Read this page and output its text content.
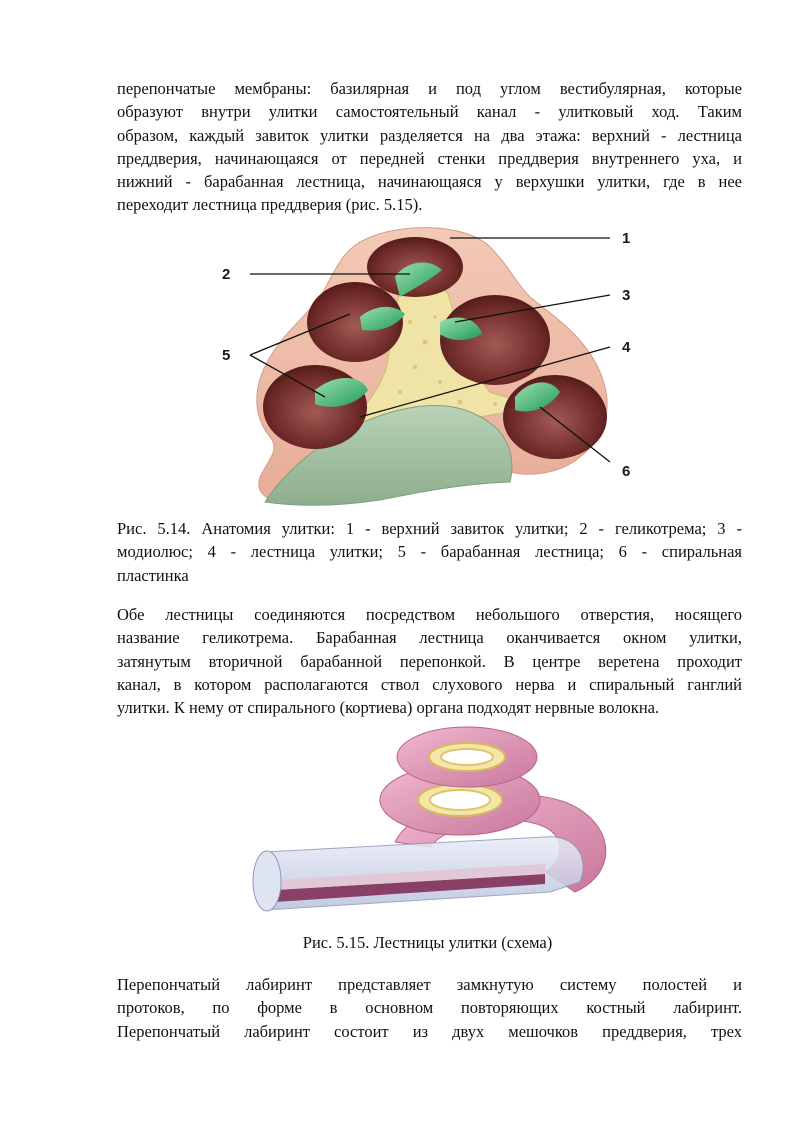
перепончатые мембраны: базилярная и под углом вестибулярная, которые
образуют внутри улитки самостоятельный канал - улитковый ход. Таким
образом, каждый завиток улитки разделяется на два этажа: верхний - лестница
преддверия, начинающаяся от передней стенки преддверия внутреннего уха, и
нижний - барабанная лестница, начинающаяся у верхушки улитки, где в нее
переходит лестница преддверия (рис. 5.15).
1
2
3
4
5
6
Рис. 5.14. Анатомия улитки: 1 - верхний завиток улитки; 2 - геликотрема; 3 -
модиолюс; 4 - лестница улитки; 5 - барабанная лестница; 6 - спиральная
пластинка
Обе лестницы соединяются посредством небольшого отверстия, носящего
название геликотрема. Барабанная лестница оканчивается окном улитки,
затянутым вторичной барабанной перепонкой. В центре веретена проходит
канал, в котором располагаются ствол слухового нерва и спиральный ганглий
улитки. К нему от спирального (кортиева) органа подходят нервные волокна.
Рис. 5.15. Лестницы улитки (схема)
Перепончатый лабиринт представляет замкнутую систему полостей и
протоков, по форме в основном повторяющих костный лабиринт.
Перепончатый лабиринт состоит из двух мешочков преддверия, трех
